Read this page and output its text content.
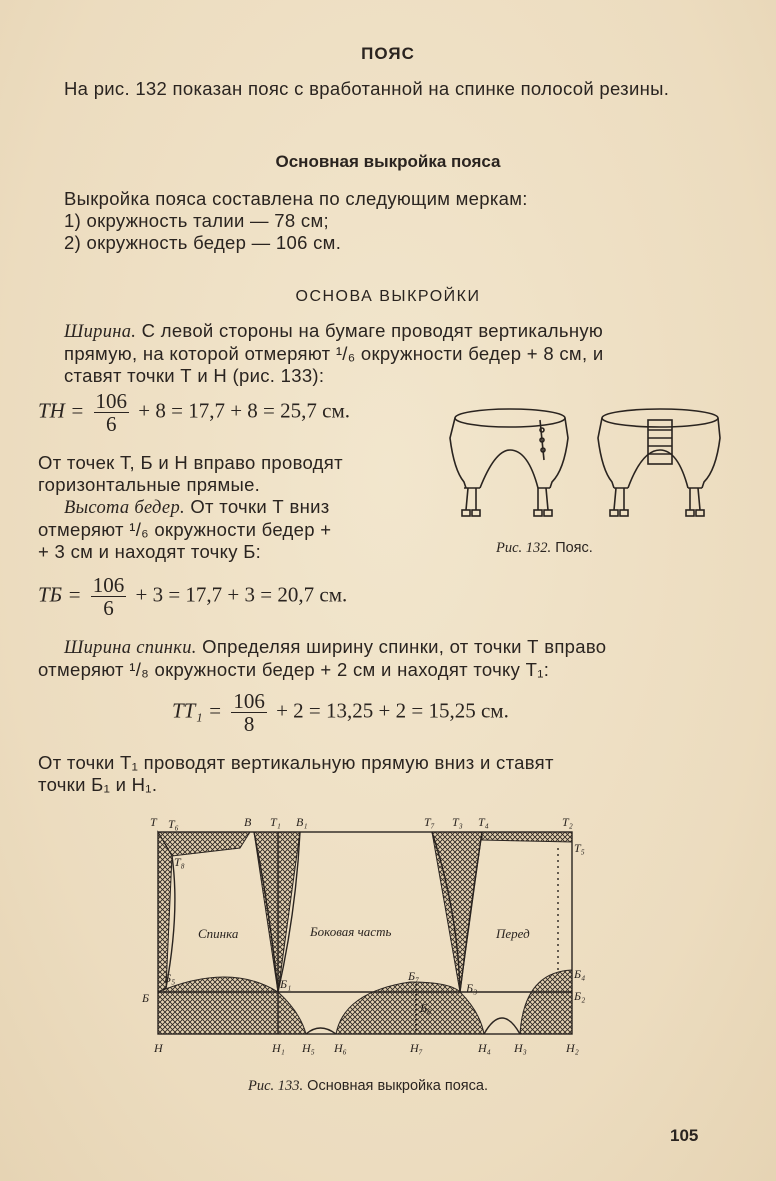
ПОЯС
На рис. 132 показан пояс с вработанной на спинке полосой резины.
Основная выкройка пояса
Выкройка пояса составлена по следующим меркам:
1) окружность талии — 78 см;
2) окружность бедер — 106 см.
ОСНОВА ВЫКРОЙКИ
Ширина. С левой стороны на бумаге проводят вертикальную
прямую, на которой отмеряют ¹/₆ окружности бедер + 8 см, и
ставят точки Т и Н (рис. 133):
ТН = $\frac{106}{6} + 8 = 17,7 + 8 = 25,7$ см.
От точек Т, Б и Н вправо проводят
горизонтальные прямые.
Высота бедер. От точки Т вниз
отмеряют ¹/₆ окружности бедер +
+ 3 см и находят точку Б:
ТБ = $\frac{106}{6} + 3 = 17,7 + 3 = 20,7$ см.
Рис. 132. Пояс.
Ширина спинки. Определяя ширину спинки, от точки Т вправо
отмеряют ¹/₈ окружности бедер + 2 см и находят точку Т₁:
$ТТ_1 = \frac{106}{8} + 2 = 13,25 + 2 = 15,25$ см.
От точки Т₁ проводят вертикальную прямую вниз и ставят
точки Б₁ и Н₁.
Т Т₆	В Т₁ В₁	Т₇ Т₃ Т₄	Т₂
Т₈
Т₅
Б₅
Б
Б₁
Б₇
Б₃
Б₄
Б₂
Б₆
Н	Н₁ Н₅ Н₆	Н₇	Н₄ Н₃	Н₂
Спинка	Боковая часть	Перед
Рис. 133. Основная выкройка пояса.
105
